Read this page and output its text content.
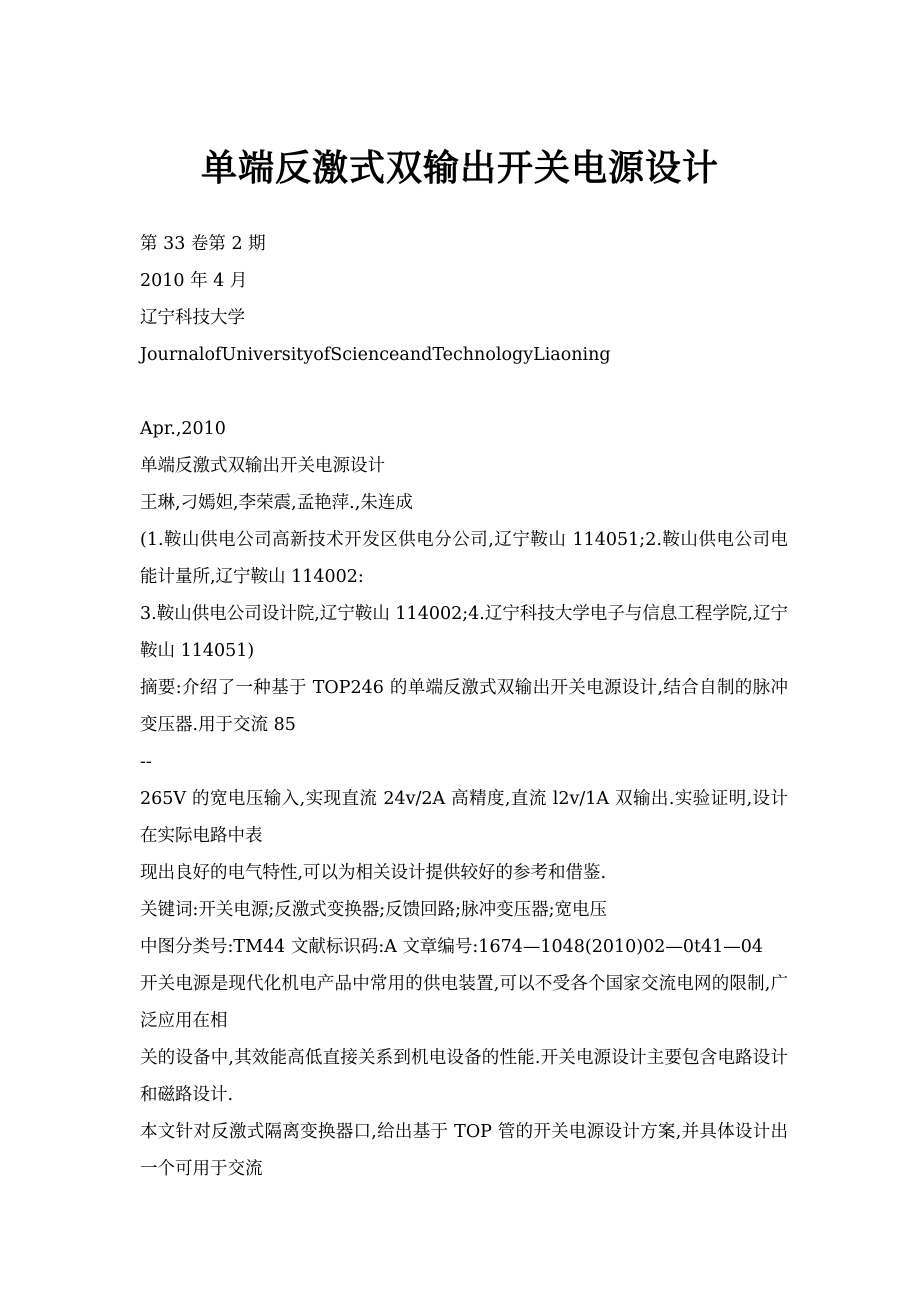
单端反激式双输出开关电源设计
第 33 卷第 2 期
2010 年 4 月
辽宁科技大学
JournalofUniversityofScienceandTechnologyLiaoning
Apr.,2010
单端反激式双输出开关电源设计
王琳,刁嫣妲,李荣震,孟艳萍.,朱连成
(1.鞍山供电公司高新技术开发区供电分公司,辽宁鞍山 114051;2.鞍山供电公司电能计量所,辽宁鞍山 114002:
3.鞍山供电公司设计院,辽宁鞍山 114002;4.辽宁科技大学电子与信息工程学院,辽宁鞍山 114051)
摘要:介绍了一种基于 TOP246 的单端反激式双输出开关电源设计,结合自制的脉冲变压器.用于交流 85
--
265V 的宽电压输入,实现直流 24v/2A 高精度,直流 l2v/1A 双输出.实验证明,设计在实际电路中表
现出良好的电气特性,可以为相关设计提供较好的参考和借鉴.
关键词:开关电源;反激式变换器;反馈回路;脉冲变压器;宽电压
中图分类号:TM44 文献标识码:A 文章编号:1674—1048(2010)02—0t41—04
开关电源是现代化机电产品中常用的供电装置,可以不受各个国家交流电网的限制,广泛应用在相
关的设备中,其效能高低直接关系到机电设备的性能.开关电源设计主要包含电路设计和磁路设计.
本文针对反激式隔离变换器口,给出基于 TOP 管的开关电源设计方案,并具体设计出一个可用于交流
